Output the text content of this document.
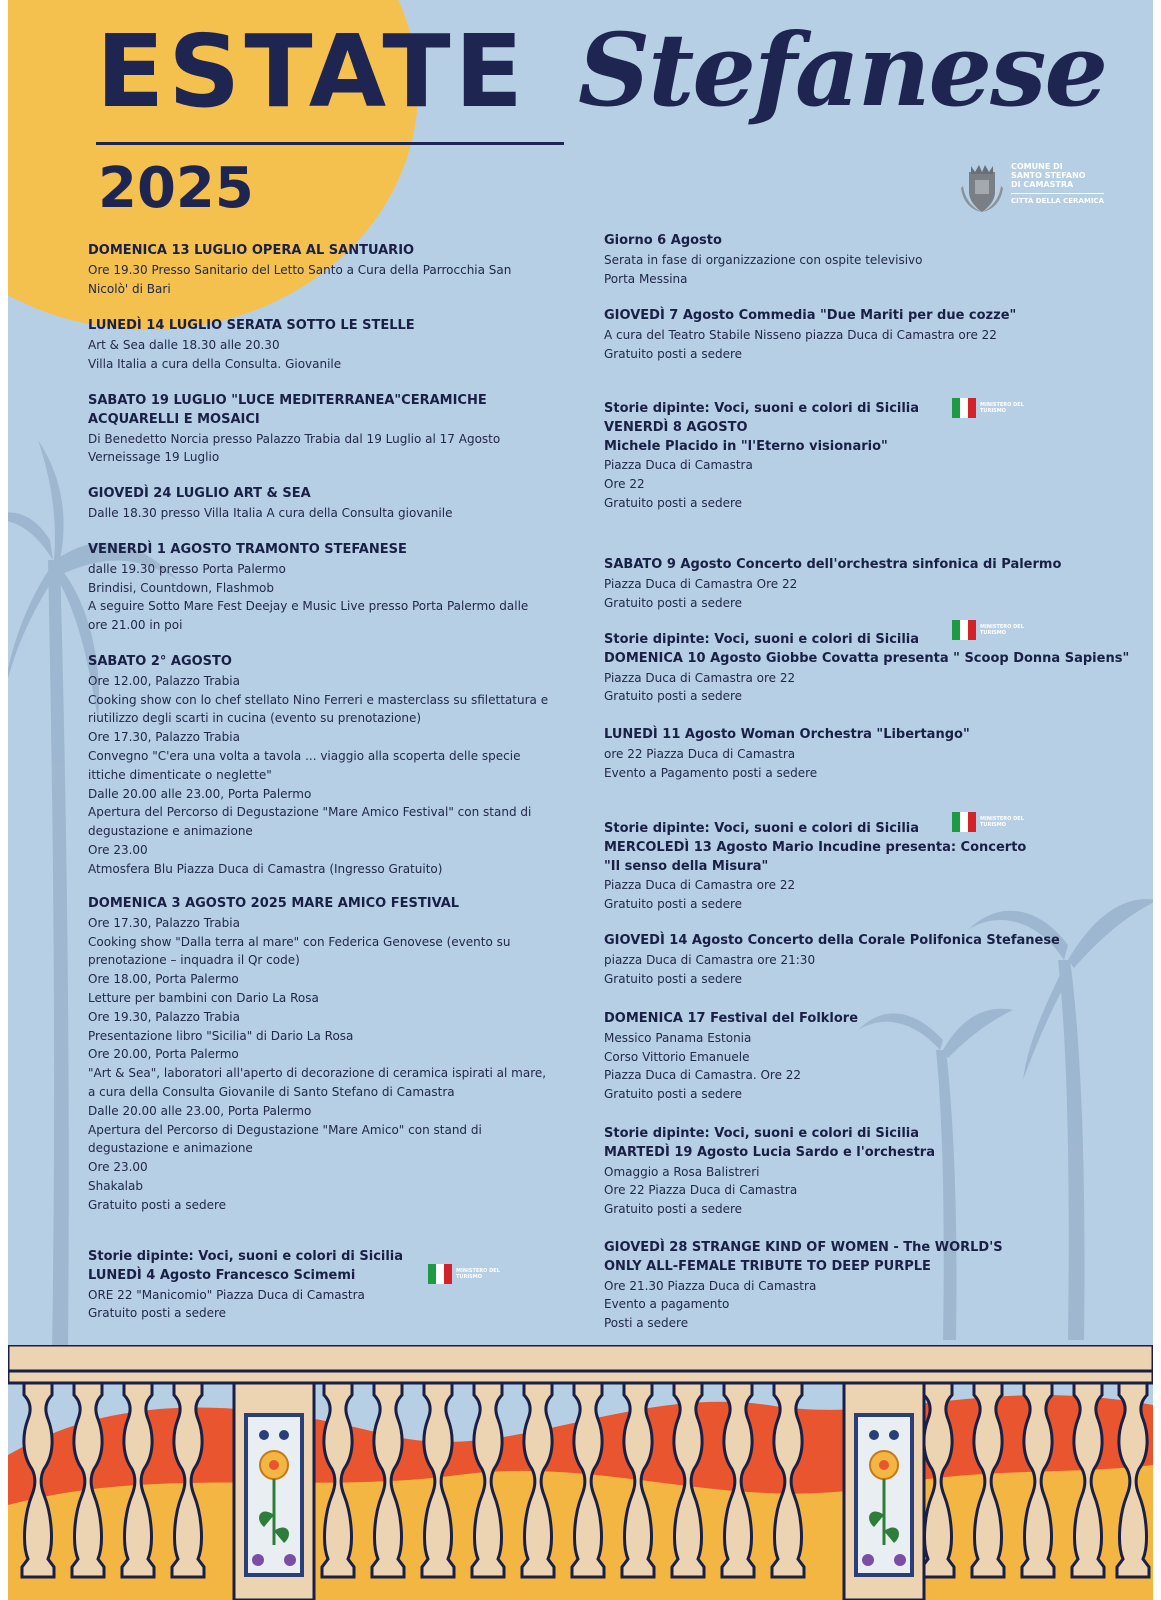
ESTATE Stefanese
2025	COMUNE DI
SANTO STEFANO
DI CAMASTRA
CITTÀ DELLA CERAMICA
DOMENICA 13 LUGLIO OPERA AL SANTUARIO
Ore 19.30 Presso Sanitario del Letto Santo a Cura della Parrocchia San
Nicolò' di Bari
LUNEDÌ 14 LUGLIO SERATA SOTTO LE STELLE
Art & Sea dalle 18.30 alle 20.30
Villa Italia a cura della Consulta. Giovanile
SABATO 19 LUGLIO "LUCE MEDITERRANEA"CERAMICHE
ACQUARELLI E MOSAICI
Di Benedetto Norcia presso Palazzo Trabia dal 19 Luglio al 17 Agosto
Verneissage 19 Luglio
GIOVEDÌ 24 LUGLIO ART & SEA
Dalle 18.30 presso Villa Italia A cura della Consulta giovanile
VENERDÌ 1 AGOSTO TRAMONTO STEFANESE
dalle 19.30 presso Porta Palermo
Brindisi, Countdown, Flashmob
A seguire Sotto Mare Fest Deejay e Music Live presso Porta Palermo dalle
ore 21.00 in poi
SABATO 2° AGOSTO
Ore 12.00, Palazzo Trabia
Cooking show con lo chef stellato Nino Ferreri e masterclass su sfilettatura e
riutilizzo degli scarti in cucina (evento su prenotazione)
Ore 17.30, Palazzo Trabia
Convegno "C'era una volta a tavola ... viaggio alla scoperta delle specie
ittiche dimenticate o neglette"
Dalle 20.00 alle 23.00, Porta Palermo
Apertura del Percorso di Degustazione "Mare Amico Festival" con stand di
degustazione e animazione
Ore 23.00
Atmosfera Blu Piazza Duca di Camastra (Ingresso Gratuito)
DOMENICA 3 AGOSTO 2025 MARE AMICO FESTIVAL
Ore 17.30, Palazzo Trabia
Cooking show "Dalla terra al mare" con Federica Genovese (evento su
prenotazione – inquadra il Qr code)
Ore 18.00, Porta Palermo
Letture per bambini con Dario La Rosa
Ore 19.30, Palazzo Trabia
Presentazione libro "Sicilia" di Dario La Rosa
Ore 20.00, Porta Palermo
"Art & Sea", laboratori all'aperto di decorazione di ceramica ispirati al mare,
a cura della Consulta Giovanile di Santo Stefano di Camastra
Dalle 20.00 alle 23.00, Porta Palermo
Apertura del Percorso di Degustazione "Mare Amico" con stand di
degustazione e animazione
Ore 23.00
Shakalab
Gratuito posti a sedere
Storie dipinte: Voci, suoni e colori di Sicilia
LUNEDÌ 4 Agosto Francesco Scimemi
ORE 22 "Manicomio" Piazza Duca di Camastra
Gratuito posti a sedere
MINISTERO DEL TURISMO
Giorno 6 Agosto
Serata in fase di organizzazione con ospite televisivo
Porta Messina
GIOVEDÌ 7 Agosto Commedia "Due Mariti per due cozze"
A cura del Teatro Stabile Nisseno piazza Duca di Camastra ore 22
Gratuito posti a sedere
Storie dipinte: Voci, suoni e colori di Sicilia
VENERDÌ 8 AGOSTO
Michele Placido in "l'Eterno visionario"
Piazza Duca di Camastra
Ore 22
Gratuito posti a sedere
MINISTERO DEL TURISMO
SABATO 9 Agosto Concerto dell'orchestra sinfonica di Palermo
Piazza Duca di Camastra Ore 22
Gratuito posti a sedere
Storie dipinte: Voci, suoni e colori di Sicilia
DOMENICA 10 Agosto Giobbe Covatta presenta " Scoop Donna Sapiens"
Piazza Duca di Camastra ore 22
Gratuito posti a sedere
MINISTERO DEL TURISMO
LUNEDÌ 11 Agosto Woman Orchestra "Libertango"
ore 22 Piazza Duca di Camastra
Evento a Pagamento posti a sedere
Storie dipinte: Voci, suoni e colori di Sicilia
MERCOLEDÌ 13 Agosto Mario Incudine presenta: Concerto
"Il senso della Misura"
Piazza Duca di Camastra ore 22
Gratuito posti a sedere
MINISTERO DEL TURISMO
GIOVEDÌ 14 Agosto Concerto della Corale Polifonica Stefanese
piazza Duca di Camastra ore 21:30
Gratuito posti a sedere
DOMENICA 17 Festival del Folklore
Messico Panama Estonia
Corso Vittorio Emanuele
Piazza Duca di Camastra. Ore 22
Gratuito posti a sedere
Storie dipinte: Voci, suoni e colori di Sicilia
MARTEDÌ 19 Agosto Lucia Sardo e l'orchestra
Omaggio a Rosa Balistreri
Ore 22 Piazza Duca di Camastra
Gratuito posti a sedere
GIOVEDÌ 28 STRANGE KIND OF WOMEN - The WORLD'S
ONLY ALL-FEMALE TRIBUTE TO DEEP PURPLE
Ore 21.30 Piazza Duca di Camastra
Evento a pagamento
Posti a sedere
